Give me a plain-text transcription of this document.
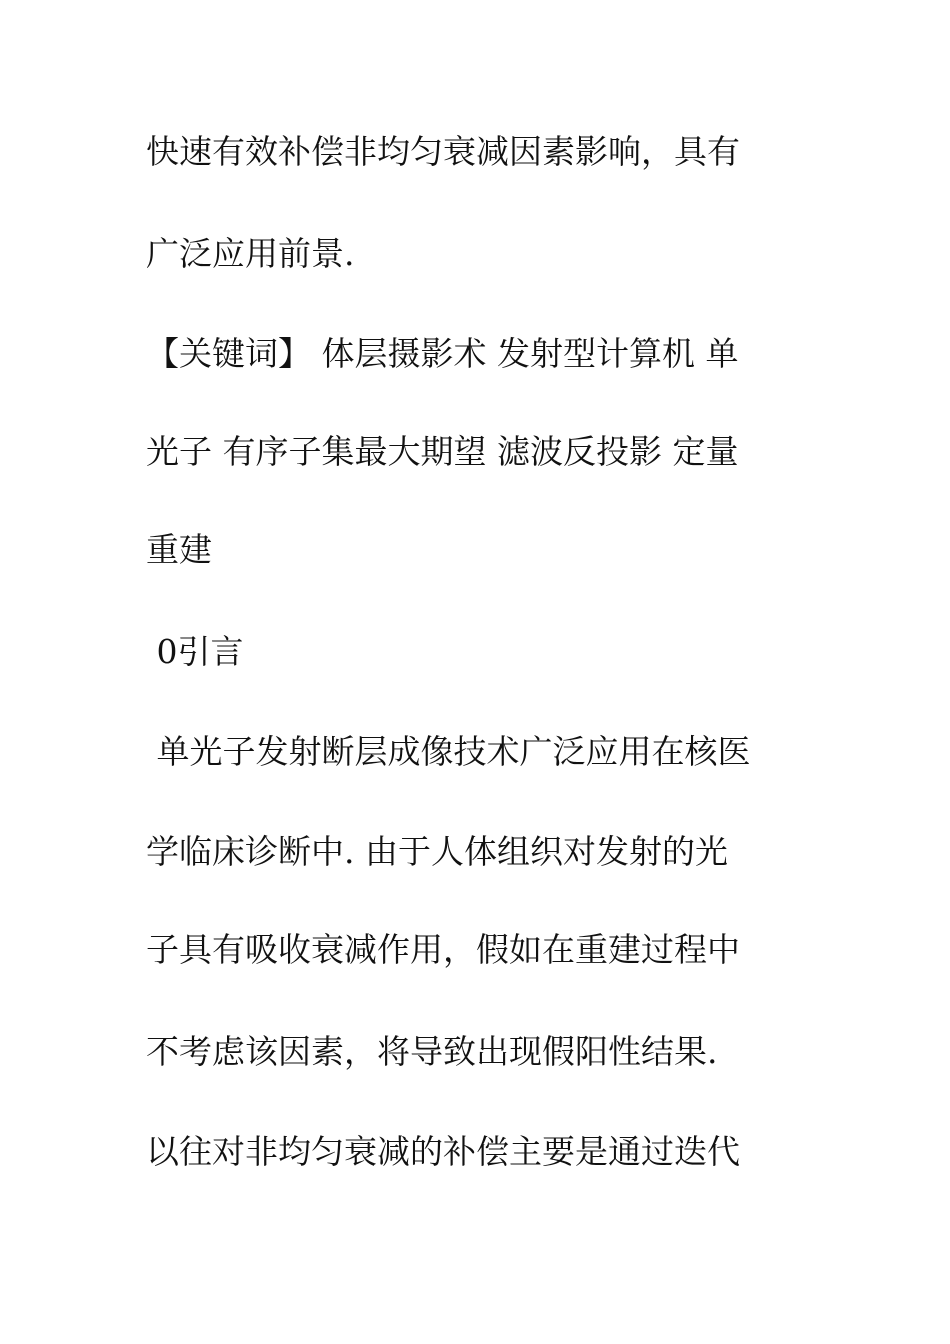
快速有效补偿非均匀衰减因素影响，具有
广泛应用前景.
【关键词】 体层摄影术 发射型计算机 单
光子 有序子集最大期望 滤波反投影 定量
重建
0引言
单光子发射断层成像技术广泛应用在核医
学临床诊断中. 由于人体组织对发射的光
子具有吸收衰减作用，假如在重建过程中
不考虑该因素，将导致出现假阳性结果.
以往对非均匀衰减的补偿主要是通过迭代
